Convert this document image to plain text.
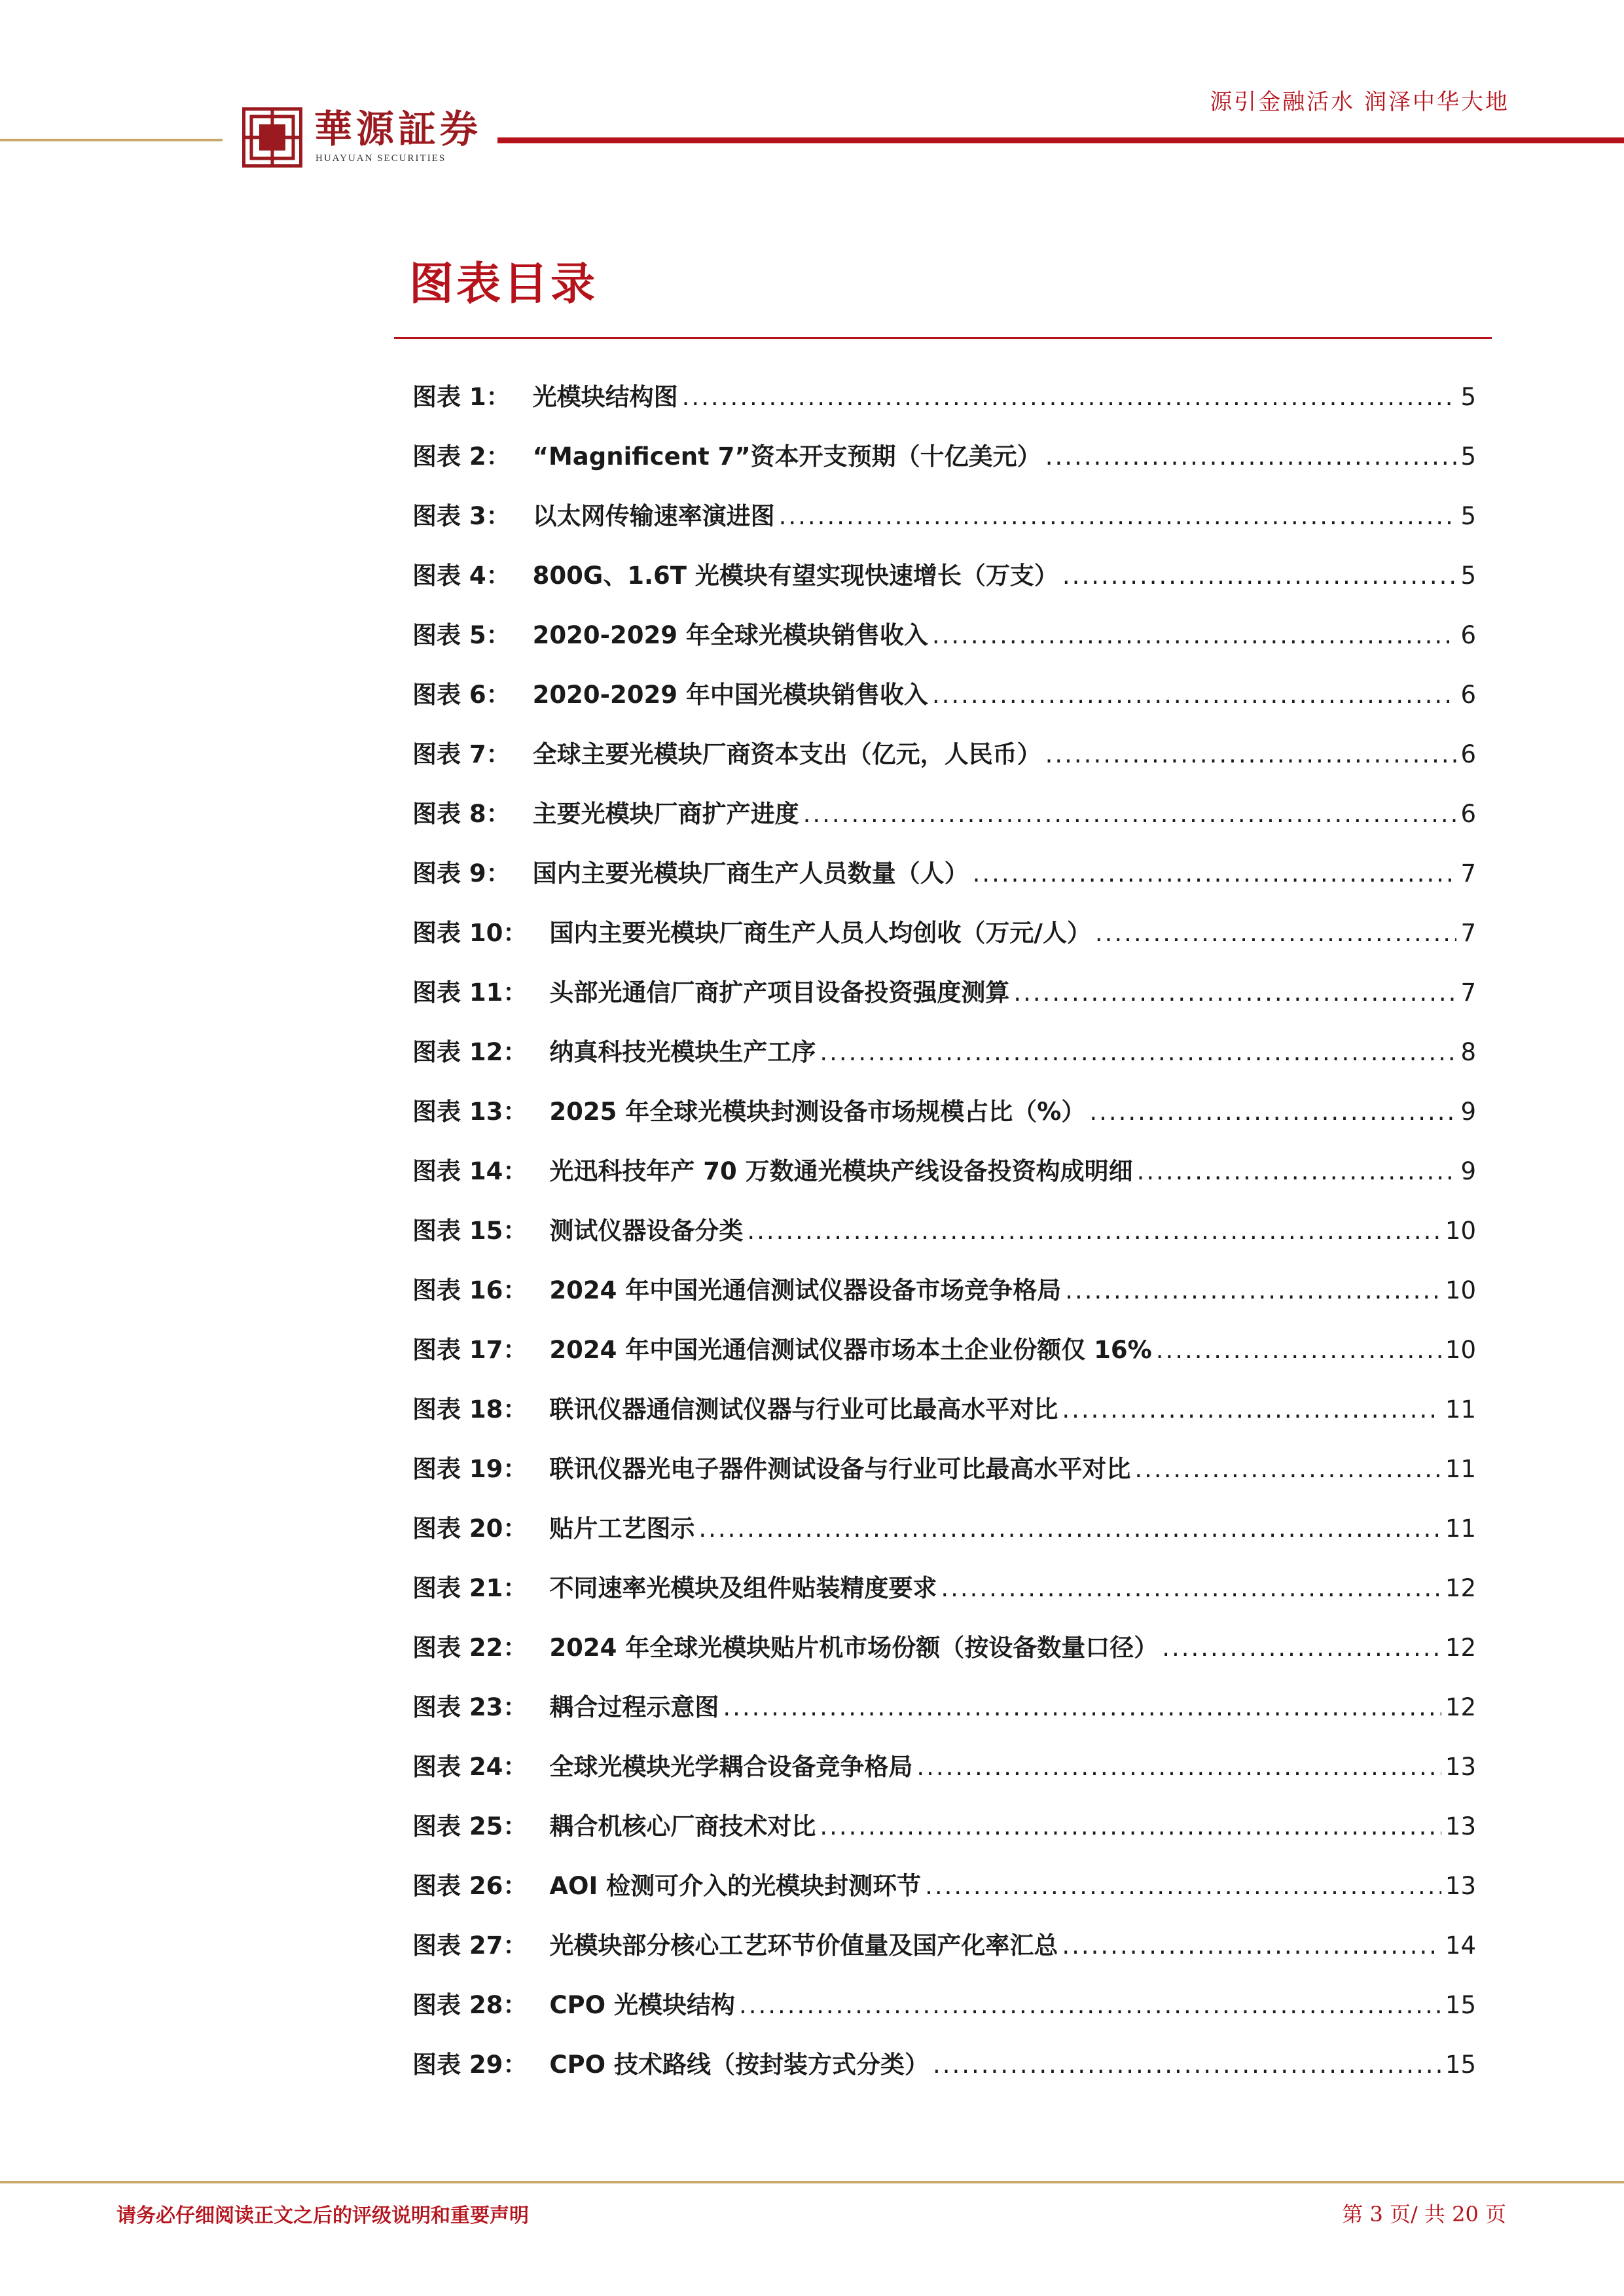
華源証券
HUAYUAN SECURITIES
源引金融活水 润泽中华大地
图表目录
图表 1： 光模块结构图 .....	5
图表 2： “Magnificent 7”资本开支预期（十亿美元） .....	5
图表 3： 以太网传输速率演进图 .....	5
图表 4： 800G、1.6T 光模块有望实现快速增长（万支） .....	5
图表 5： 2020-2029 年全球光模块销售收入 .....	6
图表 6： 2020-2029 年中国光模块销售收入 .....	6
图表 7： 全球主要光模块厂商资本支出（亿元，人民币） .....	6
图表 8： 主要光模块厂商扩产进度 .....	6
图表 9： 国内主要光模块厂商生产人员数量（人） .....	7
图表 10： 国内主要光模块厂商生产人员人均创收（万元/人） .....	7
图表 11： 头部光通信厂商扩产项目设备投资强度测算 .....	7
图表 12： 纳真科技光模块生产工序 .....	8
图表 13： 2025 年全球光模块封测设备市场规模占比（%） .....	9
图表 14： 光迅科技年产 70 万数通光模块产线设备投资构成明细 .....	9
图表 15： 测试仪器设备分类 .....	10
图表 16： 2024 年中国光通信测试仪器设备市场竞争格局 .....	10
图表 17： 2024 年中国光通信测试仪器市场本土企业份额仅 16% .....	10
图表 18： 联讯仪器通信测试仪器与行业可比最高水平对比 .....	11
图表 19： 联讯仪器光电子器件测试设备与行业可比最高水平对比 .....	11
图表 20： 贴片工艺图示 .....	11
图表 21： 不同速率光模块及组件贴装精度要求 .....	12
图表 22： 2024 年全球光模块贴片机市场份额（按设备数量口径） .....	12
图表 23： 耦合过程示意图 .....	12
图表 24： 全球光模块光学耦合设备竞争格局 .....	13
图表 25： 耦合机核心厂商技术对比 .....	13
图表 26： AOI 检测可介入的光模块封测环节 .....	13
图表 27： 光模块部分核心工艺环节价值量及国产化率汇总 .....	14
图表 28： CPO 光模块结构 .....	15
图表 29： CPO 技术路线（按封装方式分类） .....	15
请务必仔细阅读正文之后的评级说明和重要声明	第 3 页/ 共 20 页
